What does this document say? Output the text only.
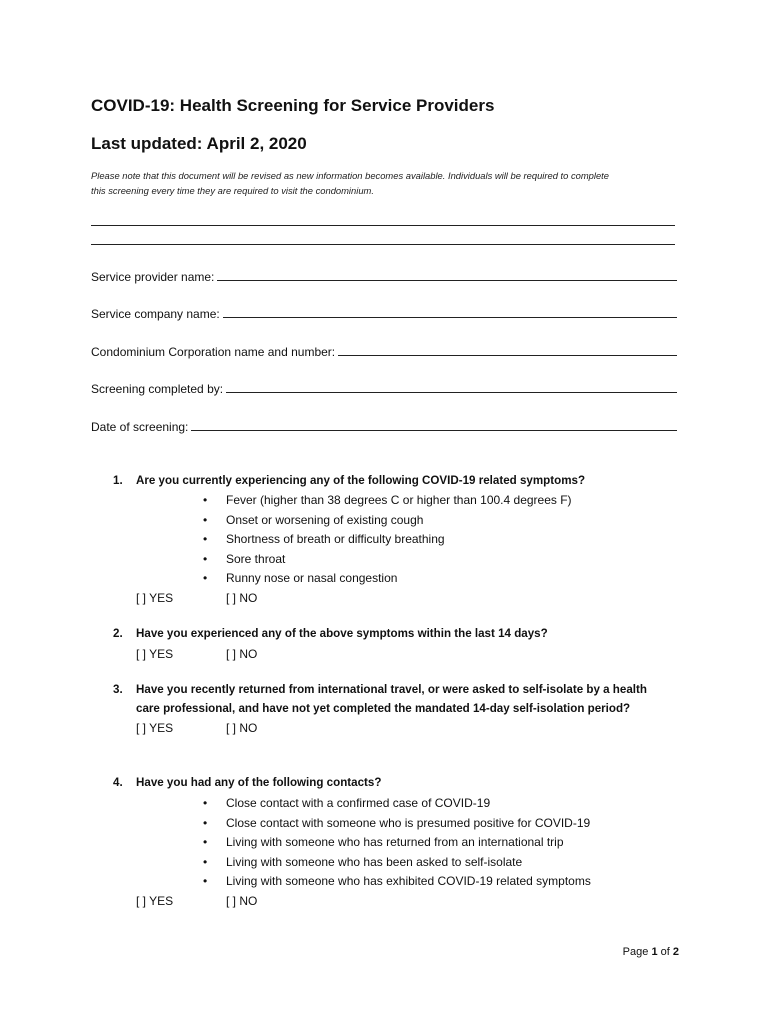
COVID-19: Health Screening for Service Providers
Last updated: April 2, 2020
Please note that this document will be revised as new information becomes available. Individuals will be required to complete
this screening every time they are required to visit the condominium.
Service provider name:
Service company name:
Condominium Corporation name and number:
Screening completed by:
Date of screening:
1. Are you currently experiencing any of the following COVID-19 related symptoms?
• Fever (higher than 38 degrees C or higher than 100.4 degrees F)
• Onset or worsening of existing cough
• Shortness of breath or difficulty breathing
• Sore throat
• Runny nose or nasal congestion
[ ] YES	[ ] NO
2. Have you experienced any of the above symptoms within the last 14 days?
[ ] YES	[ ] NO
3. Have you recently returned from international travel, or were asked to self-isolate by a health
care professional, and have not yet completed the mandated 14-day self-isolation period?
[ ] YES	[ ] NO
4. Have you had any of the following contacts?
• Close contact with a confirmed case of COVID-19
• Close contact with someone who is presumed positive for COVID-19
• Living with someone who has returned from an international trip
• Living with someone who has been asked to self-isolate
• Living with someone who has exhibited COVID-19 related symptoms
[ ] YES	[ ] NO
Page 1 of 2
